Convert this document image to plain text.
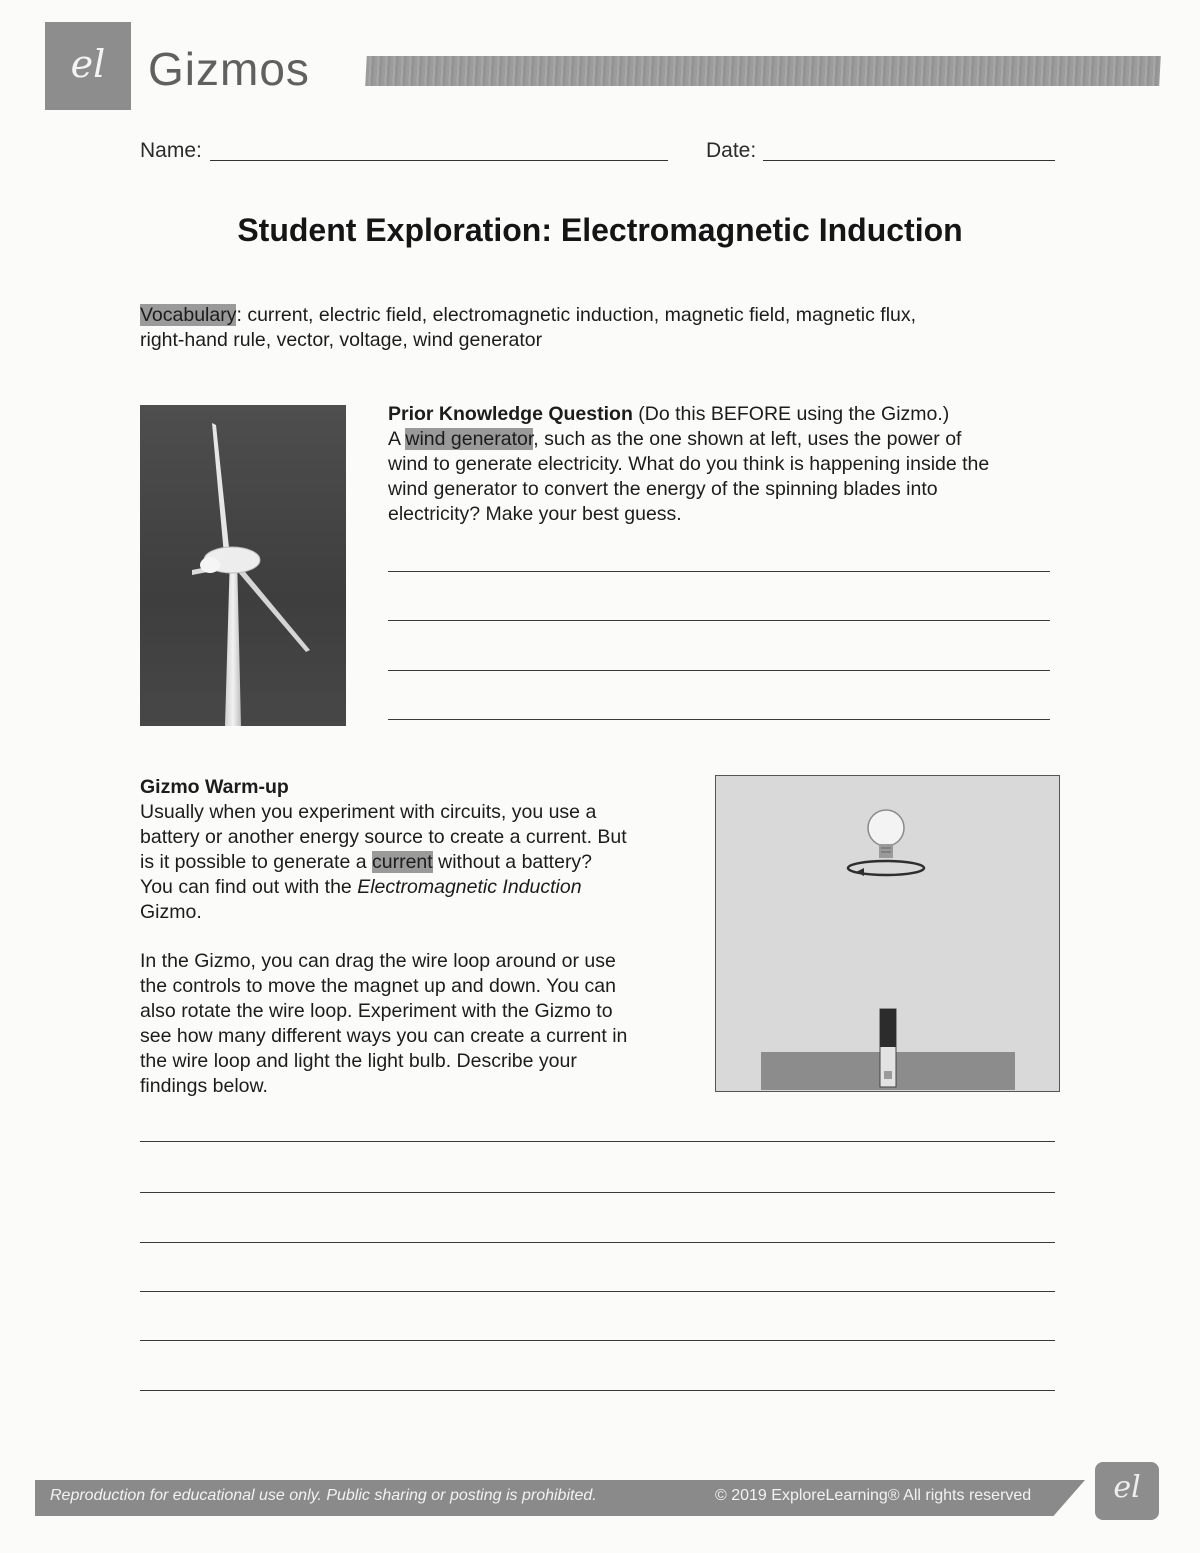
el Gizmos
Name:	Date:
Student Exploration: Electromagnetic Induction
Vocabulary: current, electric field, electromagnetic induction, magnetic field, magnetic flux,
right-hand rule, vector, voltage, wind generator
Prior Knowledge Question (Do this BEFORE using the Gizmo.)
A wind generator, such as the one shown at left, uses the power of
wind to generate electricity. What do you think is happening inside the
wind generator to convert the energy of the spinning blades into
electricity? Make your best guess.
Gizmo Warm-up
Usually when you experiment with circuits, you use a
battery or another energy source to create a current. But
is it possible to generate a current without a battery?
You can find out with the Electromagnetic Induction
Gizmo.
In the Gizmo, you can drag the wire loop around or use
the controls to move the magnet up and down. You can
also rotate the wire loop. Experiment with the Gizmo to
see how many different ways you can create a current in
the wire loop and light the light bulb. Describe your
findings below.
Reproduction for educational use only. Public sharing or posting is prohibited.	© 2019 ExploreLearning® All rights reserved	el
